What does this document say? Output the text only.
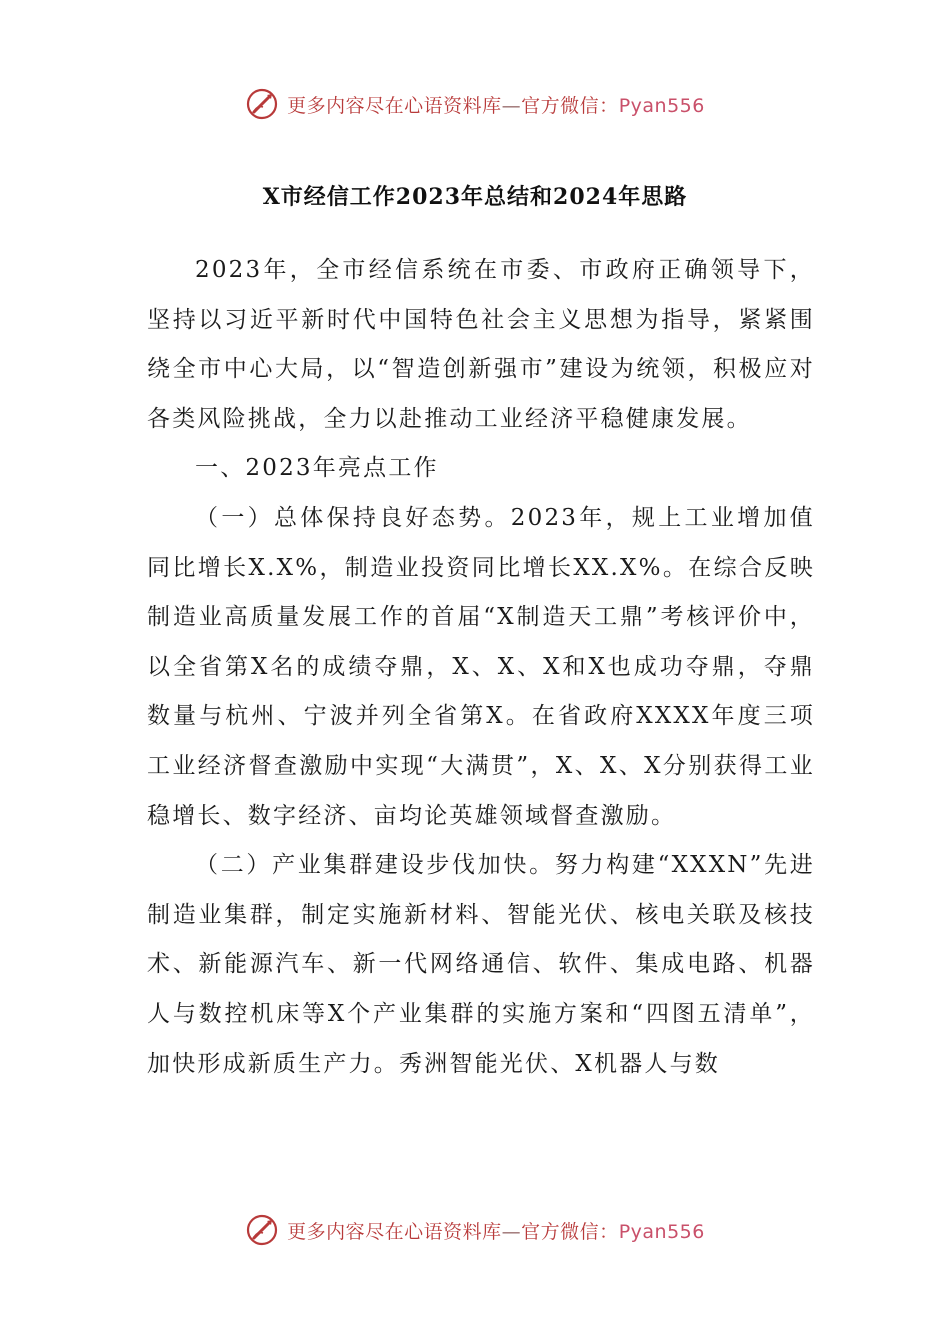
更多内容尽在心语资料库—官方微信：Pyan556
X市经信工作2023年总结和2024年思路

2023年，全市经信系统在市委、市政府正确领导下，坚持以习近平新时代中国特色社会主义思想为指导，紧紧围绕全市中心大局，以“智造创新强市”建设为统领，积极应对各类风险挑战，全力以赴推动工业经济平稳健康发展。

一、2023年亮点工作

（一）总体保持良好态势。2023年，规上工业增加值同比增长X.X%，制造业投资同比增长XX.X%。在综合反映制造业高质量发展工作的首届“X制造天工鼎”考核评价中，以全省第X名的成绩夺鼎，X、X、X和X也成功夺鼎，夺鼎数量与杭州、宁波并列全省第X。在省政府XXXX年度三项工业经济督查激励中实现“大满贯”，X、X、X分别获得工业稳增长、数字经济、亩均论英雄领域督查激励。

（二）产业集群建设步伐加快。努力构建“XXXN”先进制造业集群，制定实施新材料、智能光伏、核电关联及核技术、新能源汽车、新一代网络通信、软件、集成电路、机器人与数控机床等X个产业集群的实施方案和“四图五清单”，加快形成新质生产力。秀洲智能光伏、X机器人与数

更多内容尽在心语资料库—官方微信：Pyan556
